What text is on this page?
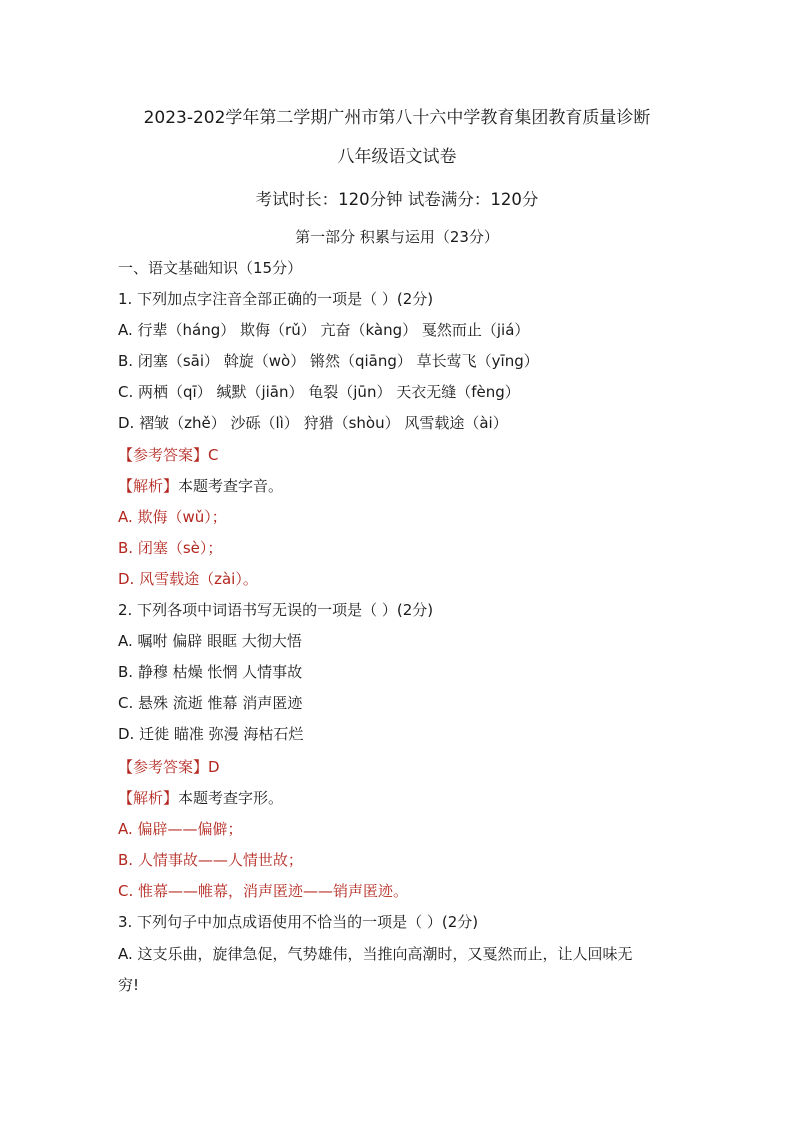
2023-202学年第二学期广州市第八十六中学教育集团教育质量诊断
八年级语文试卷
考试时长：120分钟 试卷满分：120分
第一部分 积累与运用（23分）
一、语文基础知识（15分）
1. 下列加点字注音全部正确的一项是（ ）(2分)
A. 行辈（háng） 欺侮（rǔ） 亢奋（kàng） 戛然而止（jiá）
B. 闭塞（sāi） 斡旋（wò） 锵然（qiāng） 草长莺飞（yīng）
C. 两栖（qī） 缄默（jiān） 龟裂（jūn） 天衣无缝（fèng）
D. 褶皱（zhě） 沙砾（lì） 狩猎（shòu） 风雪载途（ài）
【参考答案】C
【解析】本题考查字音。
A. 欺侮（wǔ）；
B. 闭塞（sè）；
D. 风雪载途（zài）。
2. 下列各项中词语书写无误的一项是（ ）(2分)
A. 嘱咐 偏辟 眼眶 大彻大悟
B. 静穆 枯燥 怅惘 人情事故
C. 悬殊 流逝 惟幕 消声匿迹
D. 迁徙 瞄准 弥漫 海枯石烂
【参考答案】D
【解析】本题考查字形。
A. 偏辟——偏僻；
B. 人情事故——人情世故；
C. 惟幕——帷幕，消声匿迹——销声匿迹。
3. 下列句子中加点成语使用不恰当的一项是（ ）(2分)
A. 这支乐曲，旋律急促，气势雄伟，当推向高潮时，又戛然而止，让人回味无
穷!
